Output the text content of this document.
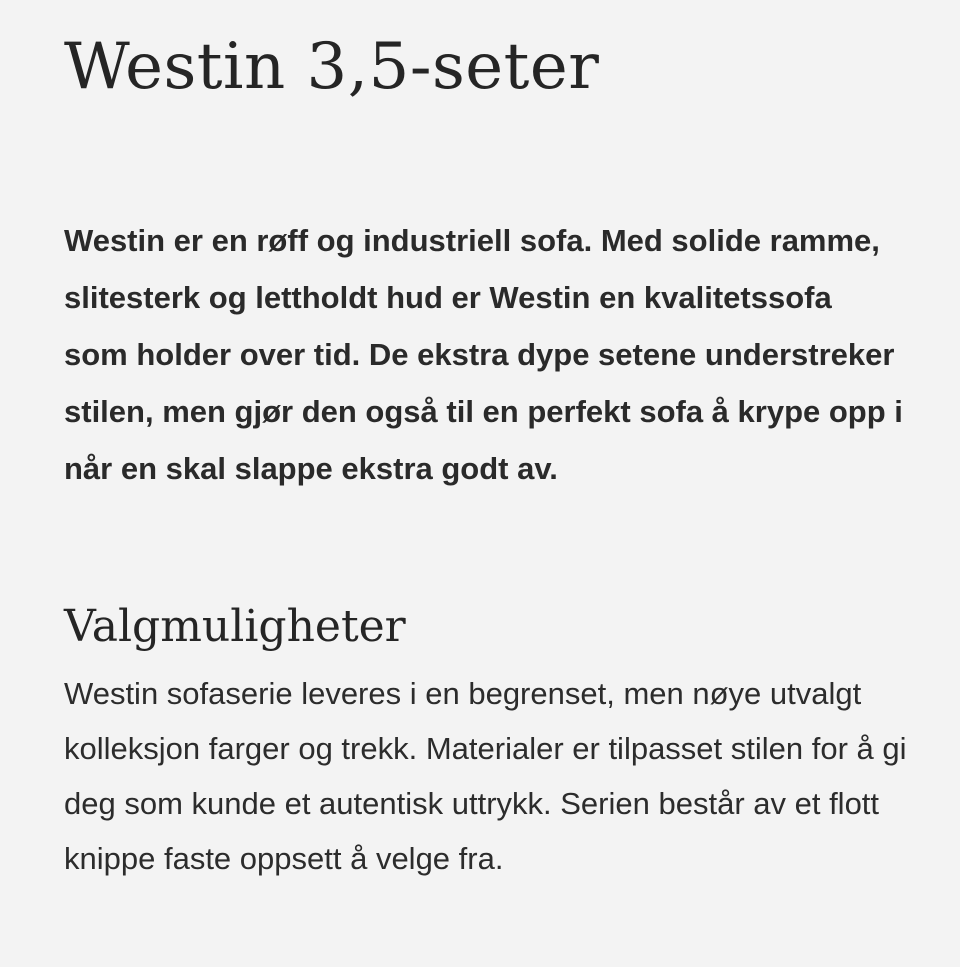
Westin 3,5-seter

Westin er en røff og industriell sofa. Med solide ramme, slitesterk og lettholdt hud er Westin en kvalitetssofa som holder over tid. De ekstra dype setene understreker stilen, men gjør den også til en perfekt sofa å krype opp i når en skal slappe ekstra godt av.

Valgmuligheter

Westin sofaserie leveres i en begrenset, men nøye utvalgt kolleksjon farger og trekk. Materialer er tilpasset stilen for å gi deg som kunde et autentisk uttrykk. Serien består av et flott knippe faste oppsett å velge fra.
